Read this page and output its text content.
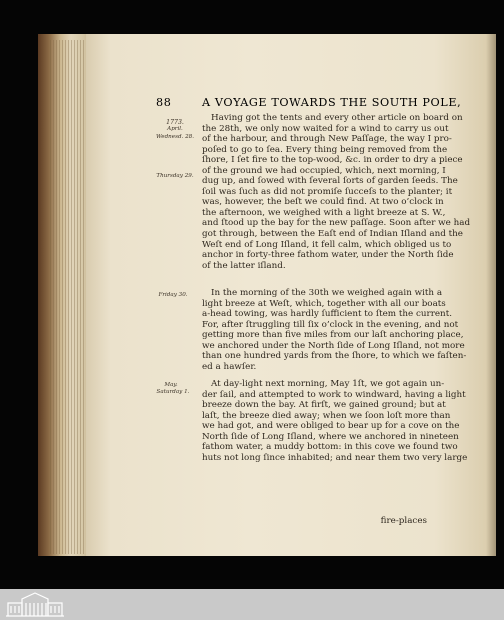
88	A VOYAGE TOWARDS THE SOUTH POLE,
1773.
April.
Wednesd. 28.
Thursday 29.
Friday 30.
May.
Saturday 1.
Having got the tents and every other article on board on
the 28th, we only now waited for a wind to carry us out
of the harbour, and through New Paſſage, the way I pro-
poſed to go to ſea. Every thing being removed from the
ſhore, I ſet fire to the top-wood, &c. in order to dry a piece
of the ground we had occupied, which, next morning, I
dug up, and ſowed with ſeveral ſorts of garden ſeeds. The
ſoil was ſuch as did not promiſe ſucceſs to the planter; it
was, however, the beſt we could find. At two o’clock in
the afternoon, we weighed with a light breeze at S. W.,
and ſtood up the bay for the new paſſage. Soon after we had
got through, between the Eaſt end of Indian Iſland and the
Weſt end of Long Iſland, it fell calm, which obliged us to
anchor in forty-three fathom water, under the North ſide
of the latter iſland.
In the morning of the 30th we weighed again with a
light breeze at Weſt, which, together with all our boats
a-head towing, was hardly ſufficient to ſtem the current.
For, after ſtruggling till ſix o’clock in the evening, and not
getting more than five miles from our laſt anchoring place,
we anchored under the North ſide of Long Iſland, not more
than one hundred yards from the ſhore, to which we faſten-
ed a hawſer.
At day-light next morning, May 1ſt, we got again un-
der ſail, and attempted to work to windward, having a light
breeze down the bay. At firſt, we gained ground; but at
laſt, the breeze died away; when we ſoon loſt more than
we had got, and were obliged to bear up for a cove on the
North ſide of Long Iſland, where we anchored in nineteen
fathom water, a muddy bottom: in this cove we found two
huts not long ſince inhabited; and near them two very large
fire-places
